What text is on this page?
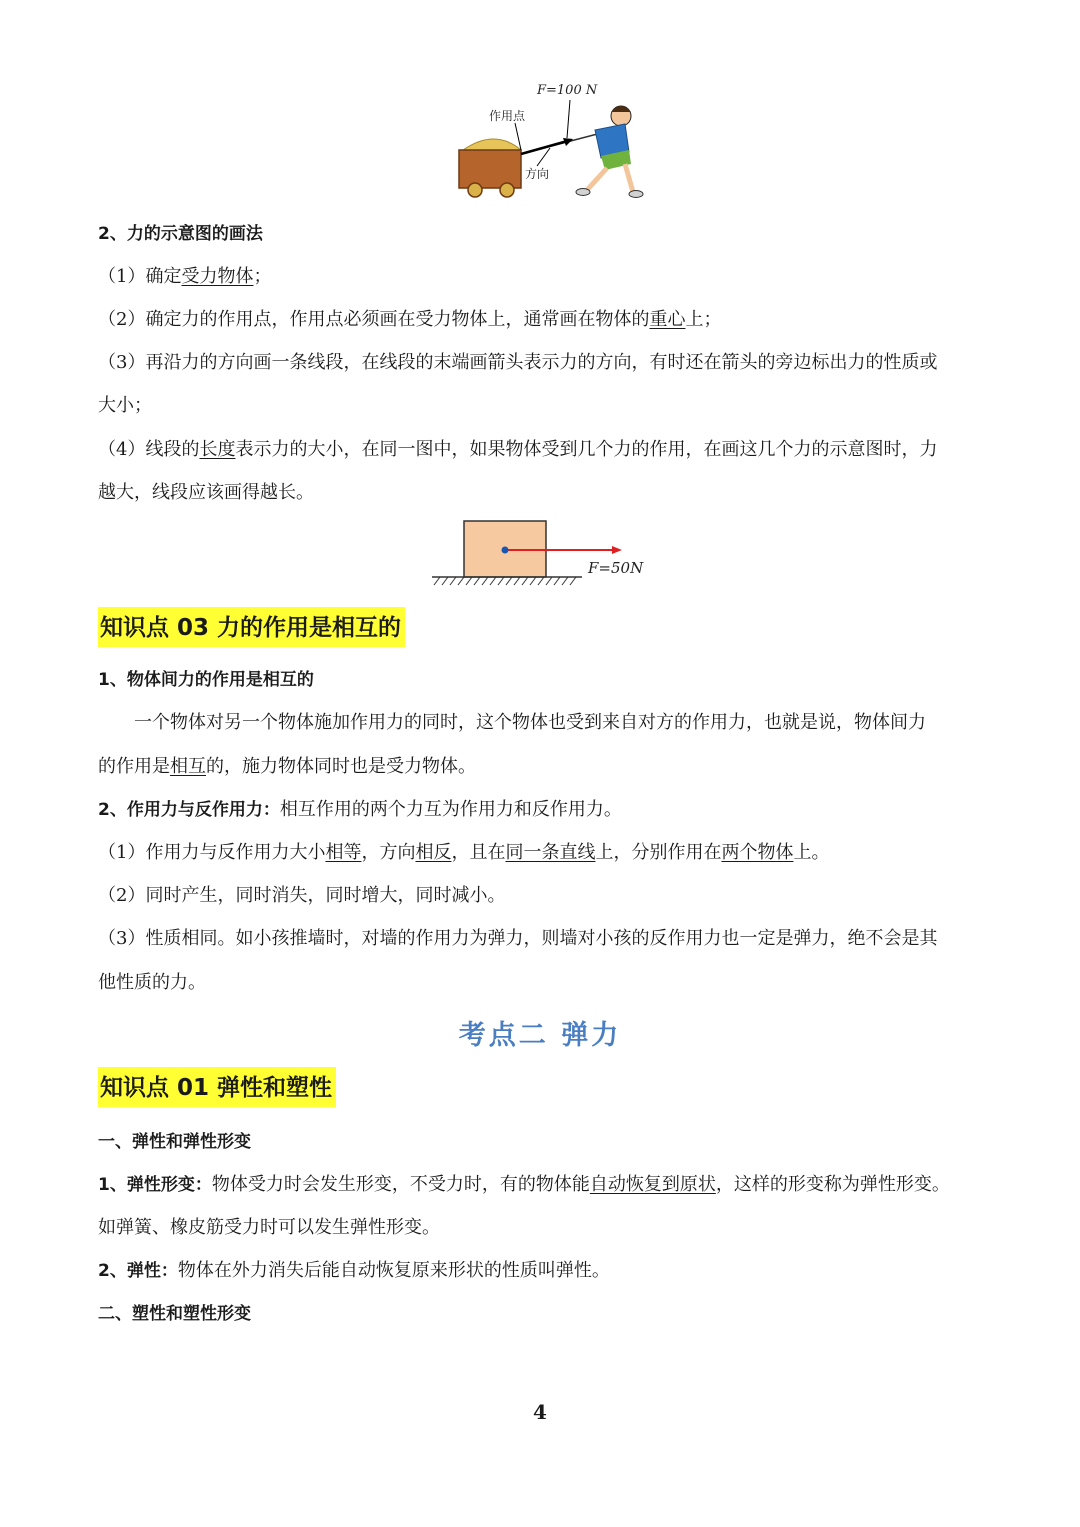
F=100 N
作用点
方向
2、力的示意图的画法
（1）确定受力物体；
（2）确定力的作用点，作用点必须画在受力物体上，通常画在物体的重心上；
（3）再沿力的方向画一条线段，在线段的末端画箭头表示力的方向，有时还在箭头的旁边标出力的性质或
大小；
（4）线段的长度表示力的大小，在同一图中，如果物体受到几个力的作用，在画这几个力的示意图时，力
越大，线段应该画得越长。
F=50N
知识点 03 力的作用是相互的
1、物体间力的作用是相互的
一个物体对另一个物体施加作用力的同时，这个物体也受到来自对方的作用力，也就是说，物体间力
的作用是相互的，施力物体同时也是受力物体。
2、作用力与反作用力：相互作用的两个力互为作用力和反作用力。
（1）作用力与反作用力大小相等，方向相反，且在同一条直线上，分别作用在两个物体上。
（2）同时产生，同时消失，同时增大，同时减小。
（3）性质相同。如小孩推墙时，对墙的作用力为弹力，则墙对小孩的反作用力也一定是弹力，绝不会是其
他性质的力。
考点二 弹力
知识点 01 弹性和塑性
一、弹性和弹性形变
1、弹性形变：物体受力时会发生形变，不受力时，有的物体能自动恢复到原状，这样的形变称为弹性形变。
如弹簧、橡皮筋受力时可以发生弹性形变。
2、弹性：物体在外力消失后能自动恢复原来形状的性质叫弹性。
二、塑性和塑性形变
4
